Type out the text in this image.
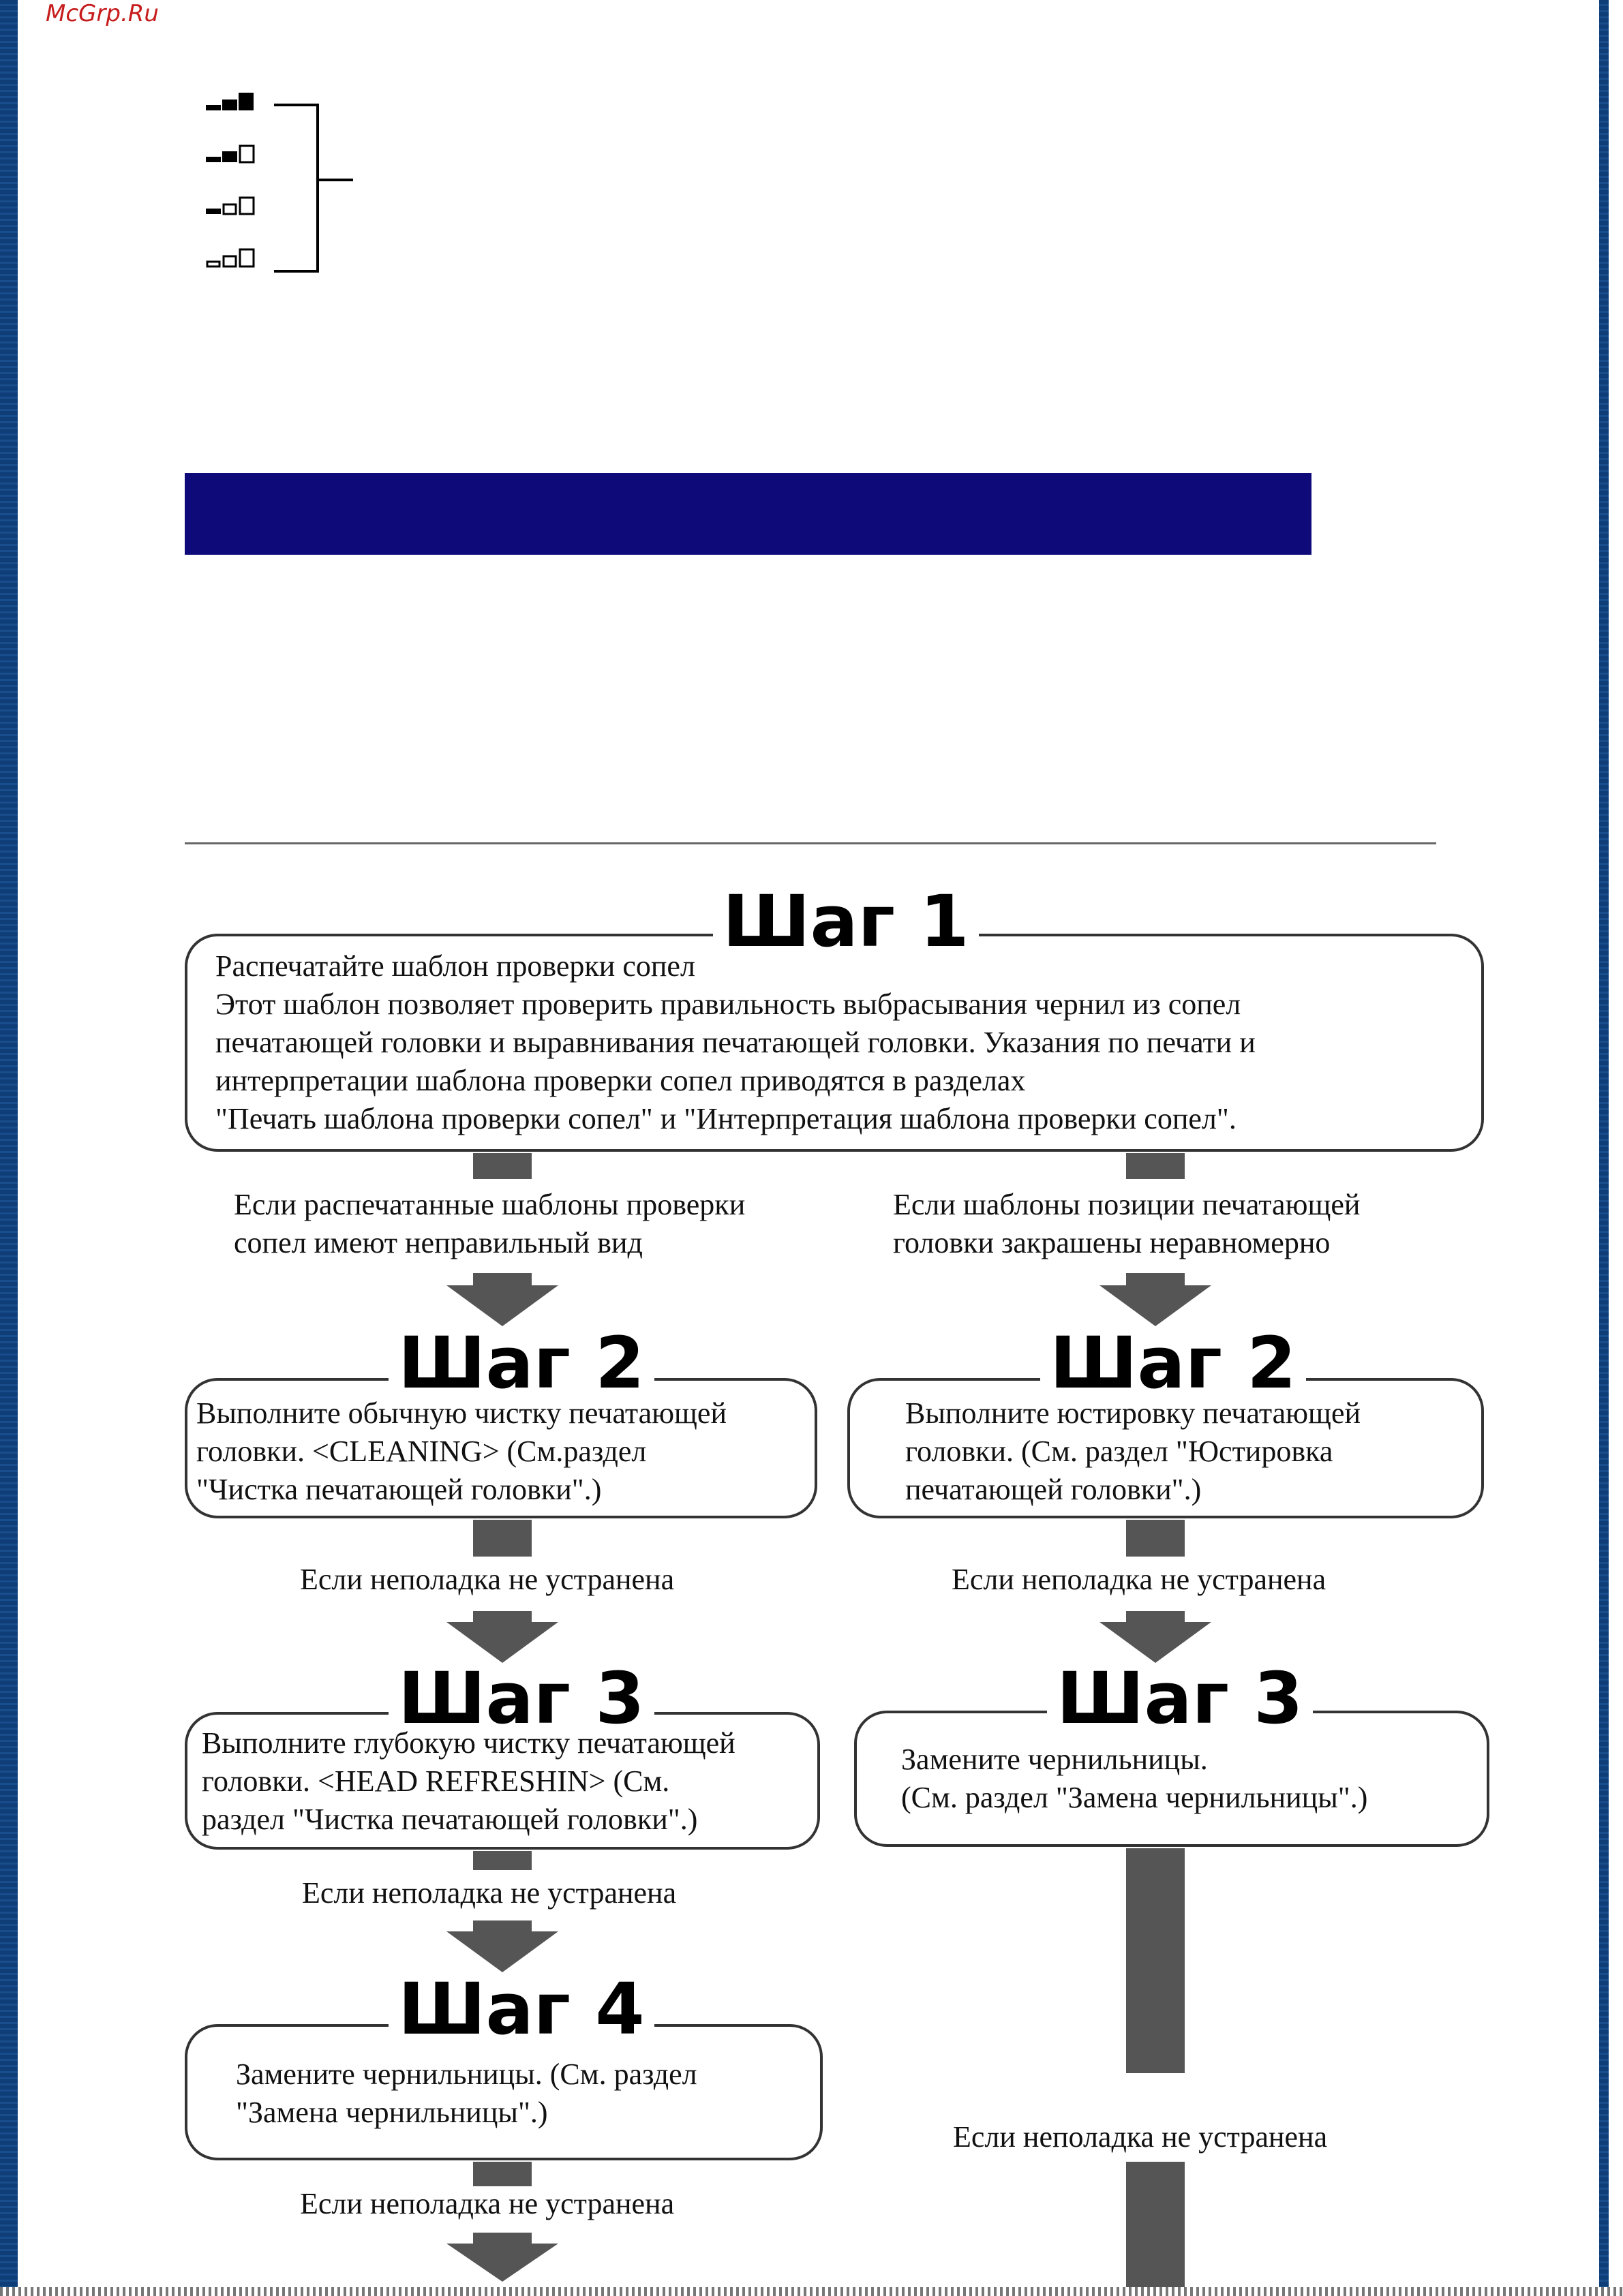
Шаг 1
Распечатайте шаблон проверки сопел
Этот шаблон позволяет проверить правильность выбрасывания чернил из сопел
печатающей головки и выравнивания печатающей головки. Указания по печати и
интерпретации шаблона проверки сопел приводятся в разделах
"Печать шаблона проверки сопел" и "Интерпретация шаблона проверки сопел".
McGrp.Ru
Если распечатанные шаблоны проверки
сопел имеют неправильный вид
Шаг 2
Выполните обычную чистку печатающей
головки. <CLEANING> (См.раздел
"Чистка печатающей головки".)
Если неполадка не устранена
Шаг 3
Выполните глубокую чистку печатающей
головки. <HEAD REFRESHIN> (См.
раздел "Чистка печатающей головки".)
Если неполадка не устранена
Шаг 4
Замените чернильницы. (См. раздел
"Замена чернильницы".)
Если неполадка не устранена
Если шаблоны позиции печатающей
головки закрашены неравномерно
Шаг 2
Выполните юстировку печатающей
головки. (См. раздел "Юстировка
печатающей головки".)
Если неполадка не устранена
Шаг 3
Замените чернильницы.
(См. раздел "Замена чернильницы".)
Если неполадка не устранена
